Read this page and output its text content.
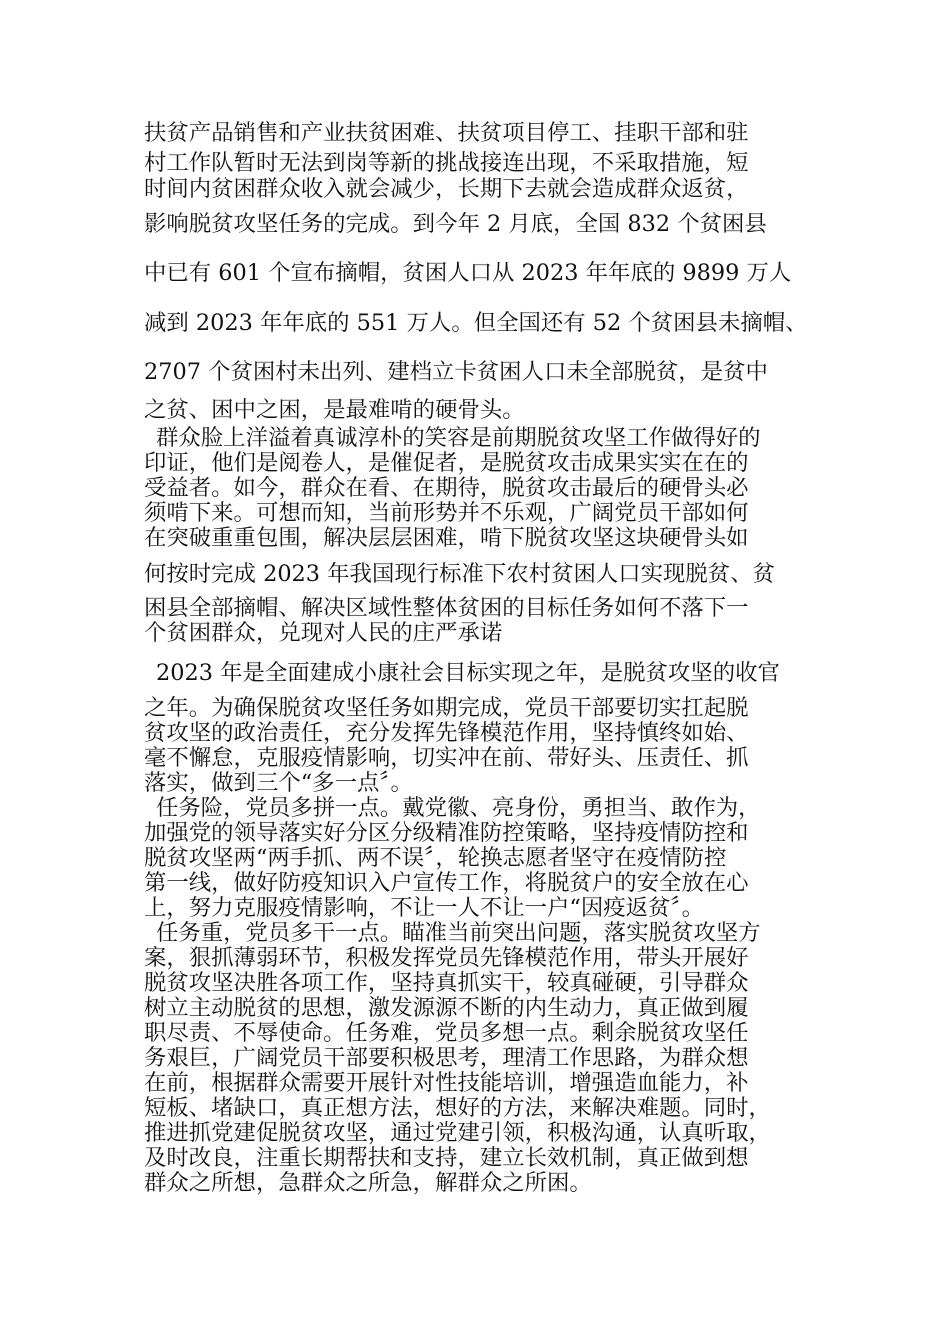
扶贫产品销售和产业扶贫困难、扶贫项目停工、挂职干部和驻
村工作队暂时无法到岗等新的挑战接连出现，不采取措施，短
时间内贫困群众收入就会减少，长期下去就会造成群众返贫，
影响脱贫攻坚任务的完成。到今年 2 月底，全国 832 个贫困县
中已有 601 个宣布摘帽，贫困人口从 2023 年年底的 9899 万人
减到 2023 年年底的 551 万人。但全国还有 52 个贫困县未摘帽、
2707 个贫困村未出列、建档立卡贫困人口未全部脱贫，是贫中
之贫、困中之困，是最难啃的硬骨头。
群众脸上洋溢着真诚淳朴的笑容是前期脱贫攻坚工作做得好的
印证，他们是阅卷人，是催促者，是脱贫攻击成果实实在在的
受益者。如今，群众在看、在期待，脱贫攻击最后的硬骨头必
须啃下来。可想而知，当前形势并不乐观，广阔党员干部如何
在突破重重包围，解决层层困难，啃下脱贫攻坚这块硬骨头如
何按时完成 2023 年我国现行标准下农村贫困人口实现脱贫、贫
困县全部摘帽、解决区域性整体贫困的目标任务如何不落下一
个贫困群众，兑现对人民的庄严承诺
2023 年是全面建成小康社会目标实现之年，是脱贫攻坚的收官
之年。为确保脱贫攻坚任务如期完成，党员干部要切实扛起脱
贫攻坚的政治责任，充分发挥先锋模范作用，坚持慎终如始、
毫不懈怠，克服疫情影响，切实冲在前、带好头、压责任、抓
落实，做到三个“多一点〞。
任务险，党员多拼一点。戴党徽、亮身份，勇担当、敢作为，
加强党的领导落实好分区分级精准防控策略，坚持疫情防控和
脱贫攻坚两“两手抓、两不误〞，轮换志愿者坚守在疫情防控
第一线，做好防疫知识入户宣传工作，将脱贫户的安全放在心
上，努力克服疫情影响，不让一人不让一户“因疫返贫〞。
任务重，党员多干一点。瞄准当前突出问题，落实脱贫攻坚方
案，狠抓薄弱环节，积极发挥党员先锋模范作用，带头开展好
脱贫攻坚决胜各项工作，坚持真抓实干，较真碰硬，引导群众
树立主动脱贫的思想，激发源源不断的内生动力，真正做到履
职尽责、不辱使命。任务难，党员多想一点。剩余脱贫攻坚任
务艰巨，广阔党员干部要积极思考，理清工作思路，为群众想
在前，根据群众需要开展针对性技能培训，增强造血能力，补
短板、堵缺口，真正想方法，想好的方法，来解决难题。同时，
推进抓党建促脱贫攻坚，通过党建引领，积极沟通，认真听取，
及时改良，注重长期帮扶和支持，建立长效机制，真正做到想
群众之所想，急群众之所急，解群众之所困。
